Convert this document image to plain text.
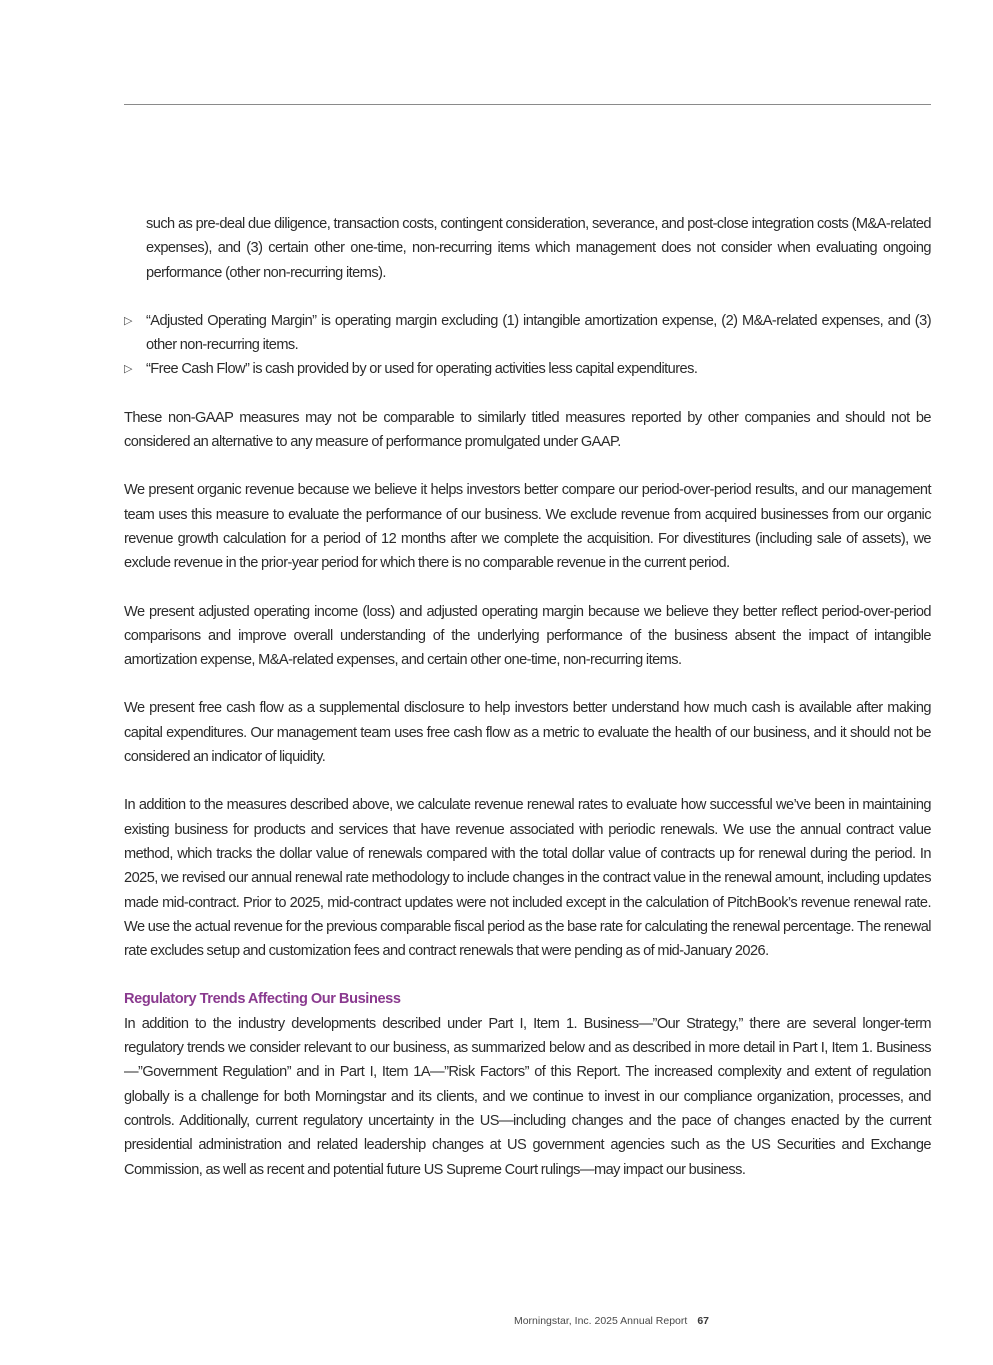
such as pre-deal due diligence, transaction costs, contingent consideration, severance, and post-close integration costs (M&A-related expenses), and (3) certain other one-time, non-recurring items which management does not consider when evaluating ongoing performance (other non-recurring items).

▷ “Adjusted Operating Margin” is operating margin excluding (1) intangible amortization expense, (2) M&A-related expenses, and (3) other non-recurring items.
▷ “Free Cash Flow” is cash provided by or used for operating activities less capital expenditures.

These non-GAAP measures may not be comparable to similarly titled measures reported by other companies and should not be considered an alternative to any measure of performance promulgated under GAAP.

We present organic revenue because we believe it helps investors better compare our period-over-period results, and our management team uses this measure to evaluate the performance of our business. We exclude revenue from acquired businesses from our organic revenue growth calculation for a period of 12 months after we complete the acquisition. For divestitures (including sale of assets), we exclude revenue in the prior-year period for which there is no comparable revenue in the current period.

We present adjusted operating income (loss) and adjusted operating margin because we believe they better reflect period-over-period comparisons and improve overall understanding of the underlying performance of the business absent the impact of intangible amortization expense, M&A-related expenses, and certain other one-time, non-recurring items.

We present free cash flow as a supplemental disclosure to help investors better understand how much cash is available after making capital expenditures. Our management team uses free cash flow as a metric to evaluate the health of our business, and it should not be considered an indicator of liquidity.

In addition to the measures described above, we calculate revenue renewal rates to evaluate how successful we’ve been in maintaining existing business for products and services that have revenue associated with periodic renewals. We use the annual contract value method, which tracks the dollar value of renewals compared with the total dollar value of contracts up for renewal during the period. In 2025, we revised our annual renewal rate methodology to include changes in the contract value in the renewal amount, including updates made mid-contract. Prior to 2025, mid-contract updates were not included except in the calculation of PitchBook’s revenue renewal rate. We use the actual revenue for the previous comparable fiscal period as the base rate for calculating the renewal percentage. The renewal rate excludes setup and customization fees and contract renewals that were pending as of mid-January 2026.

Regulatory Trends Affecting Our Business

In addition to the industry developments described under Part I, Item 1. Business—”Our Strategy,” there are several longer-term regulatory trends we consider relevant to our business, as summarized below and as described in more detail in Part I, Item 1. Business—”Government Regulation” and in Part I, Item 1A—”Risk Factors” of this Report. The increased complexity and extent of regulation globally is a challenge for both Morningstar and its clients, and we continue to invest in our compliance organization, processes, and controls. Additionally, current regulatory uncertainty in the US—including changes and the pace of changes enacted by the current presidential administration and related leadership changes at US government agencies such as the US Securities and Exchange Commission, as well as recent and potential future US Supreme Court rulings—may impact our business.

Morningstar, Inc. 2025 Annual Report 67
